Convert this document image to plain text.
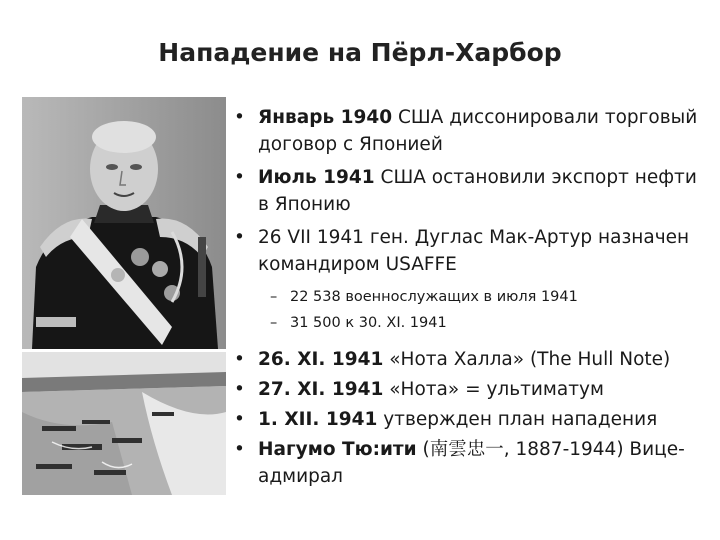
Нападение на Пёрл-Харбор
• Январь 1940 США диссонировали торговый договор с Японией
• Июль 1941 США остановили экспорт нефти в Японию
• 26 VII 1941 ген. Дуглас Мак-Артур назначен командиром USAFFE
– 22 538 военнослужащих в июля 1941
– 31 500 к 30. XI. 1941
• 26. XI. 1941 «Нота Халла» (The Hull Note)
• 27. XI. 1941 «Нота» = ультиматум
• 1. XII. 1941 утвержден план нападения
• Нагумо Тю:ити (南雲忠一, 1887-1944) Вице-адмирал
